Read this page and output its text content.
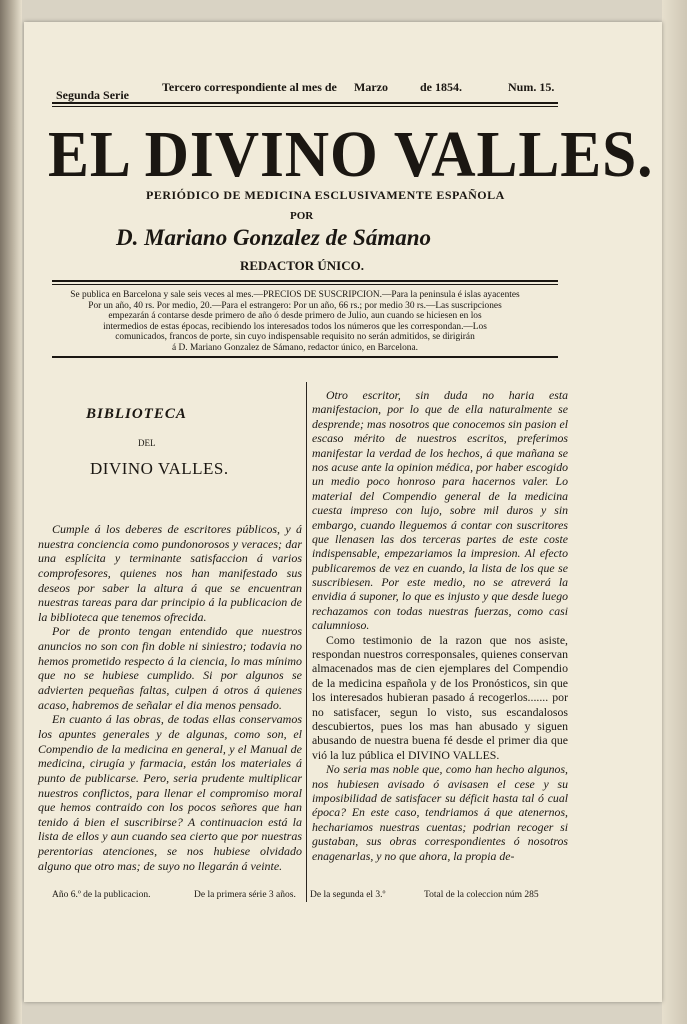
Segunda Serie
Tercero correspondiente al mes de Marzo	de 1854.	Num. 15.
EL DIVINO VALLES.
PERIÓDICO DE MEDICINA ESCLUSIVAMENTE ESPAÑOLA
POR
D. Mariano Gonzalez de Sámano
REDACTOR ÚNICO.
Se publica en Barcelona y sale seis veces al mes.—PRECIOS DE SUSCRIPCION.—Para la peninsula é islas ayacentes
Por un año, 40 rs. Por medio, 20.—Para el estrangero: Por un año, 66 rs.; por medio 30 rs.—Las suscripciones
empezarán á contarse desde primero de año ó desde primero de Julio, aun cuando se hiciesen en los
intermedios de estas épocas, recibiendo los interesados todos los números que les correspondan.—Los
comunicados, francos de porte, sin cuyo indispensable requisito no serán admitidos, se dirigirán
á D. Mariano Gonzalez de Sámano, redactor único, en Barcelona.
BIBLIOTECA
DEL
DIVINO VALLES.

Cumple á los deberes de escritores públicos, y á nuestra conciencia como pundonorosos y veraces; dar una esplícita y terminante satisfaccion á varios comprofesores, quienes nos han manifestado sus deseos por saber la altura á que se encuentran nuestras tareas para dar principio á la publicacion de la biblioteca que tenemos ofrecida.

Por de pronto tengan entendido que nuestros anuncios no son con fin doble ni siniestro; todavia no hemos prometido respecto á la ciencia, lo mas mínimo que no se hubiese cumplido. Si por algunos se advierten pequeñas faltas, culpen á otros á quienes acaso, habremos de señalar el dia menos pensado.

En cuanto á las obras, de todas ellas conservamos los apuntes generales y de algunas, como son, el Compendio de la medicina en general, y el Manual de medicina, cirugía y farmacia, están los materiales á punto de publicarse. Pero, seria prudente multiplicar nuestros conflictos, para llenar el compromiso moral que hemos contraido con los pocos señores que han tenido á bien el suscribirse? A continuacion está la lista de ellos y aun cuando sea cierto que por nuestras perentorias atenciones, se nos hubiese olvidado alguno que otro mas; de suyo no llegarán á veinte.

Otro escritor, sin duda no haria esta manifestacion, por lo que de ella naturalmente se desprende; mas nosotros que conocemos sin pasion el escaso mérito de nuestros escritos, preferimos manifestar la verdad de los hechos, á que mañana se nos acuse ante la opinion médica, por haber escogido un medio poco honroso para hacernos valer. Lo material del Compendio general de la medicina cuesta impreso con lujo, sobre mil duros y sin embargo, cuando lleguemos á contar con suscritores que llenasen las dos terceras partes de este coste indispensable, empezariamos la impresion. Al efecto publicaremos de vez en cuando, la lista de los que se suscribiesen. Por este medio, no se atreverá la envidia á suponer, lo que es injusto y que desde luego rechazamos con todas nuestras fuerzas, como casi calumnioso.

Como testimonio de la razon que nos asiste, respondan nuestros corresponsales, quienes conservan almacenados mas de cien ejemplares del Compendio de la medicina española y de los Pronósticos, sin que los interesados hubieran pasado á recogerlos....... por no satisfacer, segun lo visto, sus escandalosos descubiertos, pues los mas han abusado y siguen abusando de nuestra buena fé desde el primer dia que vió la luz pública el DIVINO VALLES.

No seria mas noble que, como han hecho algunos, nos hubiesen avisado ó avisasen el cese y su imposibilidad de satisfacer su déficit hasta tal ó cual época? En este caso, tendriamos á que atenernos, hechariamos nuestras cuentas; podrian recoger si gustaban, sus obras correspondientes ó nosotros enagenarlas, y no que ahora, la propia de-

Año 6.º de la publicacion.	De la primera série 3 años. De la segunda el 3.º	Total de la coleccion núm 285
